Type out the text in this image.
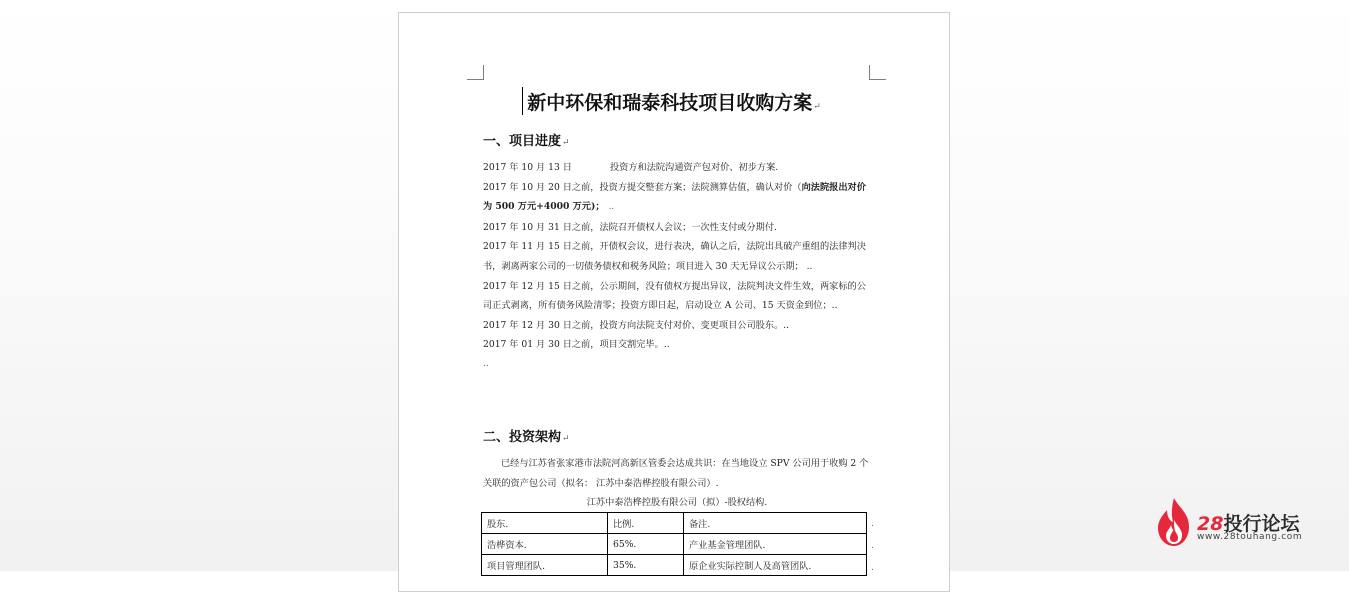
新中环保和瑞泰科技项目收购方案↵
一、项目进度↵

2017 年 10 月 13 日	投资方和法院沟通资产包对价、初步方案.

2017 年 10 月 20 日之前，投资方提交整套方案；法院测算估值，确认对价（向法院报出对价为 500 万元+4000 万元)； ..

2017 年 10 月 31 日之前，法院召开债权人会议；一次性支付或分期付.

2017 年 11 月 15 日之前，开债权会议，进行表决，确认之后，法院出具破产重组的法律判决书，剥离两家公司的一切债务债权和税务风险；项目进入 30 天无异议公示期； ..

2017 年 12 月 15 日之前，公示期间，没有债权方提出异议，法院判决文件生效，两家标的公司正式剥离，所有债务风险清零；投资方即日起，启动设立 A 公司、15 天资金到位；..

2017 年 12 月 30 日之前，投资方向法院支付对价、变更项目公司股东。..

2017 年 01 月 30 日之前，项目交割完毕。..

..

二、投资架构↵

已经与江苏省张家港市法院河高新区管委会达成共识：在当地设立 SPV 公司用于收购 2 个关联的资产包公司（拟名： 江苏中泰浩桦控股有限公司）.

江苏中泰浩桦控股有限公司（拟）-股权结构.

股东.	比例.	备注.
浩桦资本.	65%.	产业基金管理团队.
项目管理团队.	35%.	原企业实际控制人及高管团队.
.
.
.
28投行论坛
www.28touhang.com
